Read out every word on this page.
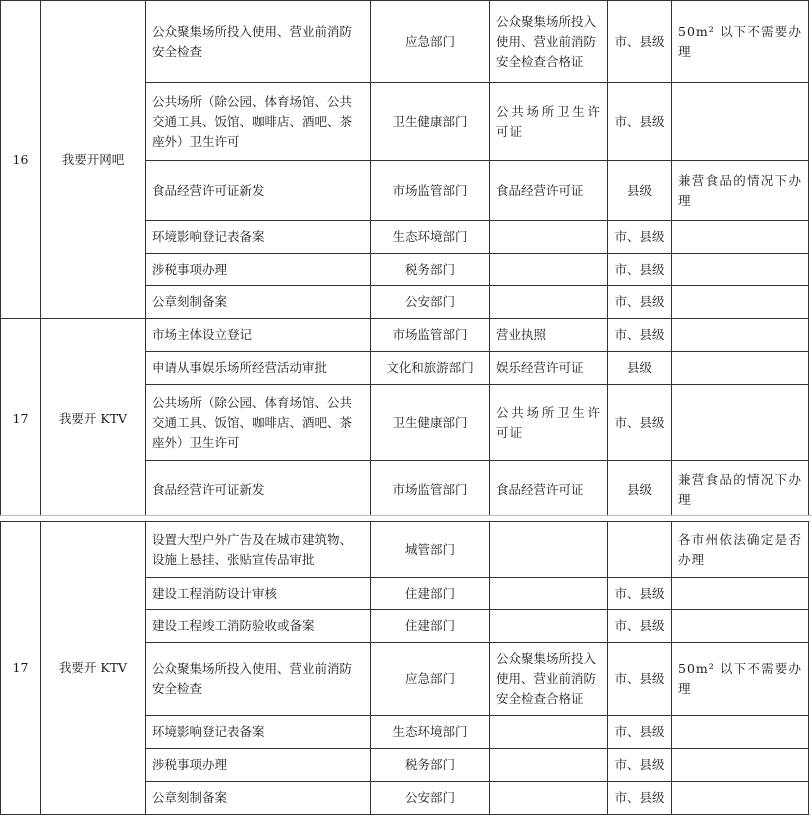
16	我要开网吧	公众聚集场所投入使用、营业前消防安全检查	应急部门	公众聚集场所投入使用、营业前消防安全检查合格证	市、县级	50m² 以下不需要办理
		公共场所（除公园、体育场馆、公共交通工具、饭馆、咖啡店、酒吧、茶座外）卫生许可	卫生健康部门	公共场所卫生许可证	市、县级	
		食品经营许可证新发	市场监管部门	食品经营许可证	县级	兼营食品的情况下办理
		环境影响登记表备案	生态环境部门		市、县级	
		涉税事项办理	税务部门		市、县级	
		公章刻制备案	公安部门		市、县级	
17	我要开 KTV	市场主体设立登记	市场监管部门	营业执照	市、县级	
		申请从事娱乐场所经营活动审批	文化和旅游部门	娱乐经营许可证	县级	
		公共场所（除公园、体育场馆、公共交通工具、饭馆、咖啡店、酒吧、茶座外）卫生许可	卫生健康部门	公共场所卫生许可证	市、县级	
		食品经营许可证新发	市场监管部门	食品经营许可证	县级	兼营食品的情况下办理
17	我要开 KTV	设置大型户外广告及在城市建筑物、设施上悬挂、张贴宣传品审批	城管部门			各市州依法确定是否办理
		建设工程消防设计审核	住建部门		市、县级	
		建设工程竣工消防验收或备案	住建部门		市、县级	
		公众聚集场所投入使用、营业前消防安全检查	应急部门	公众聚集场所投入使用、营业前消防安全检查合格证	市、县级	50m² 以下不需要办理
		环境影响登记表备案	生态环境部门		市、县级	
		涉税事项办理	税务部门		市、县级	
		公章刻制备案	公安部门		市、县级	
